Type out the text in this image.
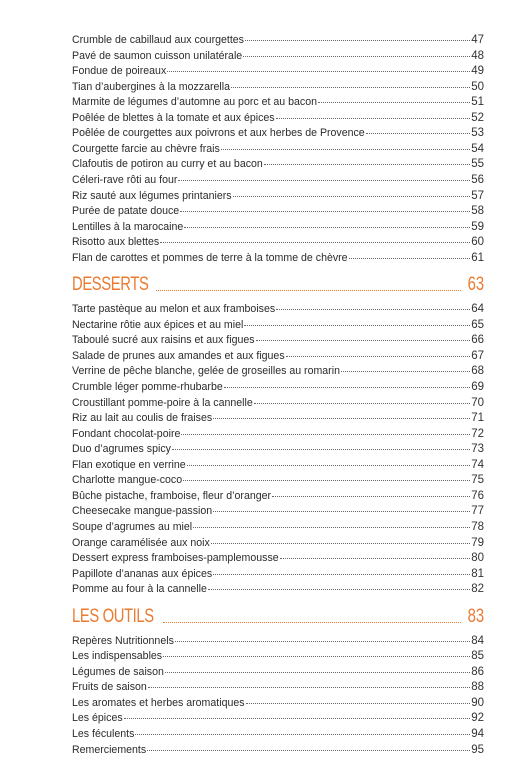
Crumble de cabillaud aux courgettes	47
Pavé de saumon cuisson unilatérale	48
Fondue de poireaux	49
Tian d’aubergines à la mozzarella	50
Marmite de légumes d’automne au porc et au bacon	51
Poêlée de blettes à la tomate et aux épices	52
Poêlée de courgettes aux poivrons et aux herbes de Provence	53
Courgette farcie au chèvre frais	54
Clafoutis de potiron au curry et au bacon	55
Céleri-rave rôti au four	56
Riz sauté aux légumes printaniers	57
Purée de patate douce	58
Lentilles à la marocaine	59
Risotto aux blettes	60
Flan de carottes et pommes de terre à la tomme de chèvre	61
DESSERTS	63
Tarte pastèque au melon et aux framboises	64
Nectarine rôtie aux épices et au miel	65
Taboulé sucré aux raisins et aux figues	66
Salade de prunes aux amandes et aux figues	67
Verrine de pêche blanche, gelée de groseilles au romarin	68
Crumble léger pomme-rhubarbe	69
Croustillant pomme-poire à la cannelle	70
Riz au lait au coulis de fraises	71
Fondant chocolat-poire	72
Duo d’agrumes spicy	73
Flan exotique en verrine	74
Charlotte mangue-coco	75
Bûche pistache, framboise, fleur d’oranger	76
Cheesecake mangue-passion	77
Soupe d’agrumes au miel	78
Orange caramélisée aux noix	79
Dessert express framboises-pamplemousse	80
Papillote d’ananas aux épices	81
Pomme au four à la cannelle	82
LES OUTILS	83
Repères Nutritionnels	84
Les indispensables	85
Légumes de saison	86
Fruits de saison	88
Les aromates et herbes aromatiques	90
Les épices	92
Les féculents	94
Remerciements	95
